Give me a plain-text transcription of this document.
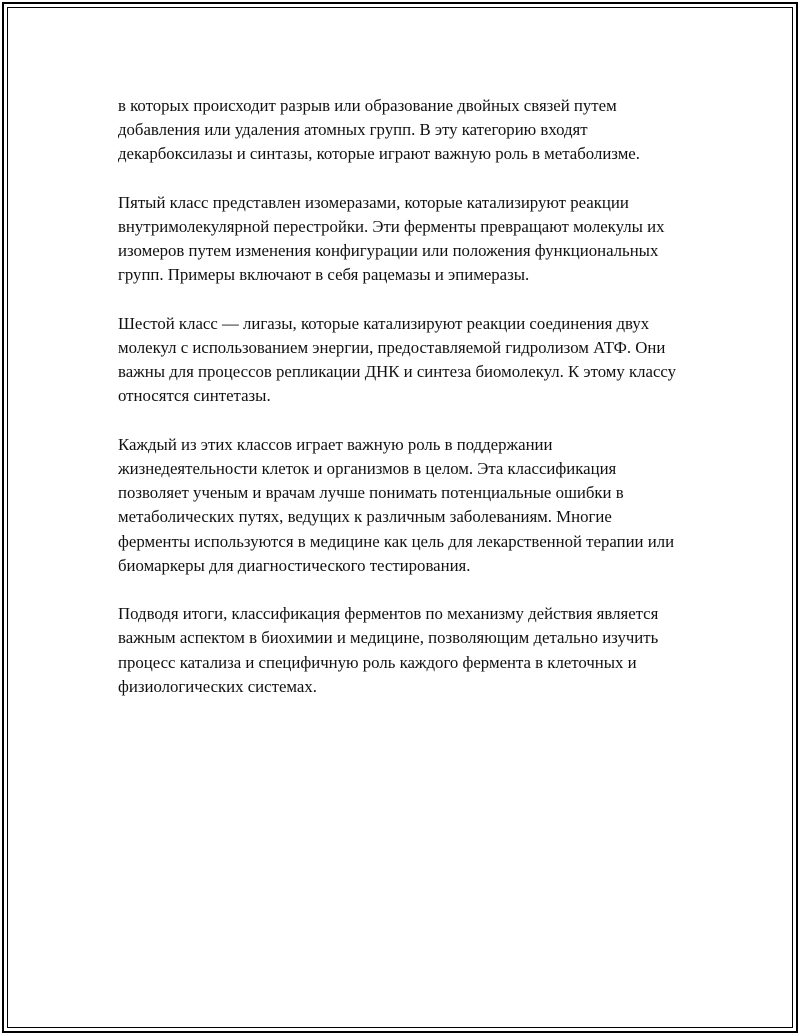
в которых происходит разрыв или образование двойных связей путем добавления или удаления атомных групп. В эту категорию входят декарбоксилазы и синтазы, которые играют важную роль в метаболизме.

Пятый класс представлен изомеразами, которые катализируют реакции внутримолекулярной перестройки. Эти ферменты превращают молекулы их изомеров путем изменения конфигурации или положения функциональных групп. Примеры включают в себя рацемазы и эпимеразы.

Шестой класс — лигазы, которые катализируют реакции соединения двух молекул с использованием энергии, предоставляемой гидролизом АТФ. Они важны для процессов репликации ДНК и синтеза биомолекул. К этому классу относятся синтетазы.

Каждый из этих классов играет важную роль в поддержании жизнедеятельности клеток и организмов в целом. Эта классификация позволяет ученым и врачам лучше понимать потенциальные ошибки в метаболических путях, ведущих к различным заболеваниям. Многие ферменты используются в медицине как цель для лекарственной терапии или биомаркеры для диагностического тестирования.

Подводя итоги, классификация ферментов по механизму действия является важным аспектом в биохимии и медицине, позволяющим детально изучить процесс катализа и специфичную роль каждого фермента в клеточных и физиологических системах.
